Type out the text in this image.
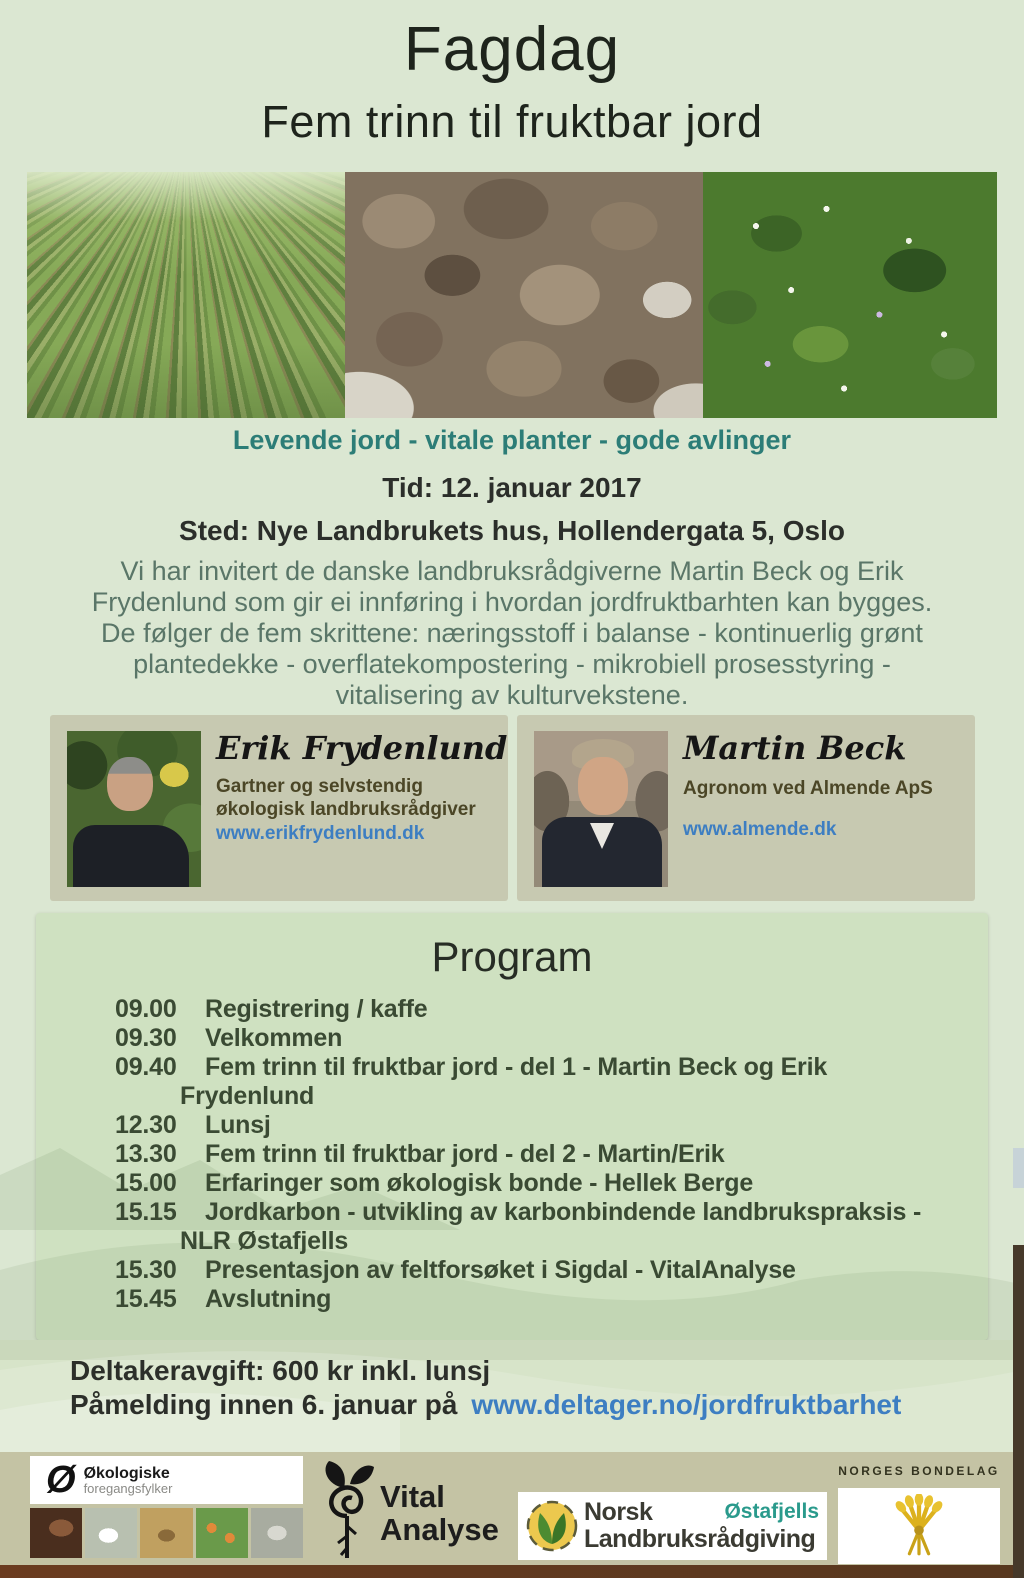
Fagdag
Fem trinn til fruktbar jord
Levende jord - vitale planter - gode avlinger
Tid: 12. januar 2017
Sted: Nye Landbrukets hus, Hollendergata 5, Oslo
Vi har invitert de danske landbruksrådgiverne Martin Beck og Erik
Frydenlund som gir ei innføring i hvordan jordfruktbarhten kan bygges.
De følger de fem skrittene: næringsstoff i balanse - kontinuerlig grønt
plantedekke - overflatekompostering - mikrobiell prosesstyring -
vitalisering av kulturvekstene.
Erik Frydenlund
Gartner og selvstendig økologisk landbruksrådgiver
www.erikfrydenlund.dk
Martin Beck
Agronom ved Almende ApS
www.almende.dk
Program
09.00 Registrering / kaffe
09.30 Velkommen
09.40 Fem trinn til fruktbar jord - del 1 - Martin Beck og Erik
Frydenlund
12.30 Lunsj
13.30 Fem trinn til fruktbar jord - del 2 - Martin/Erik
15.00 Erfaringer som økologisk bonde - Hellek Berge
15.15 Jordkarbon - utvikling av karbonbindende landbrukspraksis -
NLR Østafjells
15.30 Presentasjon av feltforsøket i Sigdal - VitalAnalyse
15.45 Avslutning
Deltakeravgift: 600 kr inkl. lunsj
Påmelding innen 6. januar på www.deltager.no/jordfruktbarhet
Ø Økologiske
foregangsfylker	Vital
Analyse	Norsk
Landbruksrådgiving
Østafjells
NORGES BONDELAG
